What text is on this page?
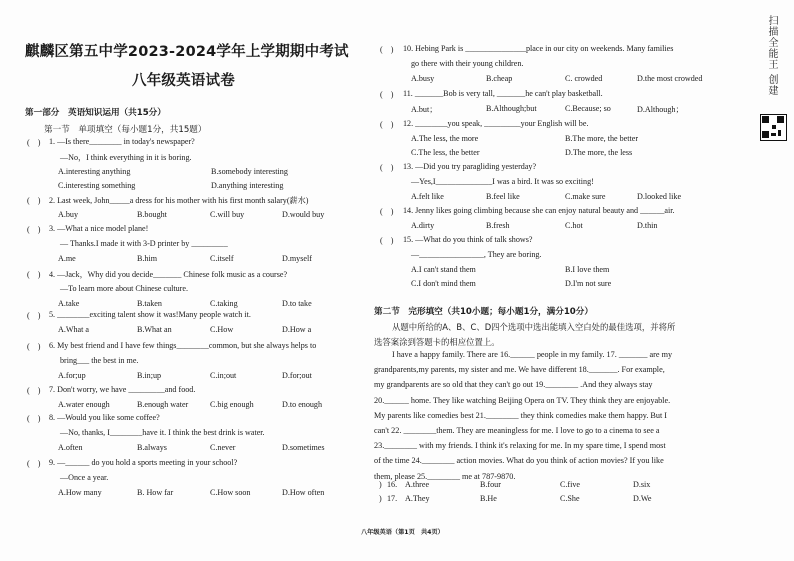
麒麟区第五中学2023-2024学年上学期期中考试
八年级英语试卷
第一部分　英语知识运用（共15分）
第一节　单项填空（每小题1分，共15题）
(　) 1. —Is there________ in today's newspaper?
—No，I think everything in it is boring.
A.interesting anything	B.somebody interesting
C.interesting something	D.anything interesting
(　) 2. Last week, John_____a dress for his mother with his first month salary(薪水)
A.buy	B.bought	C.will buy	D.would buy
(　) 3. —What a nice model plane!
— Thanks.I made it with 3-D printer by _________
A.me	B.him	C.itself	D.myself
(　) 4. —Jack，Why did you decide_______ Chinese folk music as a course?
—To learn more about Chinese culture.
A.take	B.taken	C.taking	D.to take
(　) 5. ________exciting talent show it was!Many people watch it.
A.What a	B.What an	C.How	D.How a
(　) 6. My best friend and I have few things________common, but she always helps to
bring___ the best in me.
A.for;up	B.in;up	C.in;out	D.for;out
(　) 7. Don't worry, we have _________and food.
A.water enough	B.enough water	C.big enough	D.to enough
(　) 8. —Would you like some coffee?
—No, thanks, I________have it. I think the best drink is water.
A.often	B.always	C.never	D.sometimes
(　) 9. —______ do you hold a sports meeting in your school?
—Once a year.
A.How many	B. How far	C.How soon	D.How often
(　) 10. Hebing Park is _______________place in our city on weekends. Many families
go there with their young children.
A.busy	B.cheap	C. crowded	D.the most crowded
(　) 11. _______Bob is very tall, _______he can't play basketball.
A.but；	B.Although;but	C.Because; so	D.Although；
(　) 12. ________you speak, _________your English will be.
A.The less, the more	B.The more, the better
C.The less, the better	D.The more, the less
(　) 13. —Did you try paragliding yesterday?
—Yes,I______________I was a bird. It was so exciting!
A.felt like	B.feel like	C.make sure	D.looked like
(　) 14. Jenny likes going climbing because she can enjoy natural beauty and ______air.
A.dirty	B.fresh	C.hot	D.thin
(　) 15. —What do you think of talk shows?
—________________, They are boring.
A.I can't stand them	B.I love them
C.I don't mind them	D.I'm not sure
第二节　完形填空（共10小题；每小题1分，满分10分）
从题中所给的A、B、C、D四个选项中选出能填入空白处的最佳选项，并将所
选答案涂到答题卡的相应位置上。
I have a happy family. There are 16.______ people in my family. 17. _______ are my
grandparents,my parents, my sister and me. We have different 18._______. For example,
my grandparents are so old that they can't go out 19.________ .And they always stay
20.______ home. They like watching Beijing Opera on TV. They think they are enjoyable.
My parents like comedies best 21.________ they think comedies make them happy. But I
can't 22. ________them. They are meaningless for me. I love to go to a cinema to see a
23.________ with my friends. I think it's relaxing for me. In my spare time, I spend most
of the time 24.________ action movies. What do you think of action movies? If you like
them, please 25.________ me at 787-9870.
) 16. A.three	B.four	C.five	D.six
) 17. A.They	B.He	C.She	D.We
八年级英语（第1页　共4页）
扫描全能王 创建
